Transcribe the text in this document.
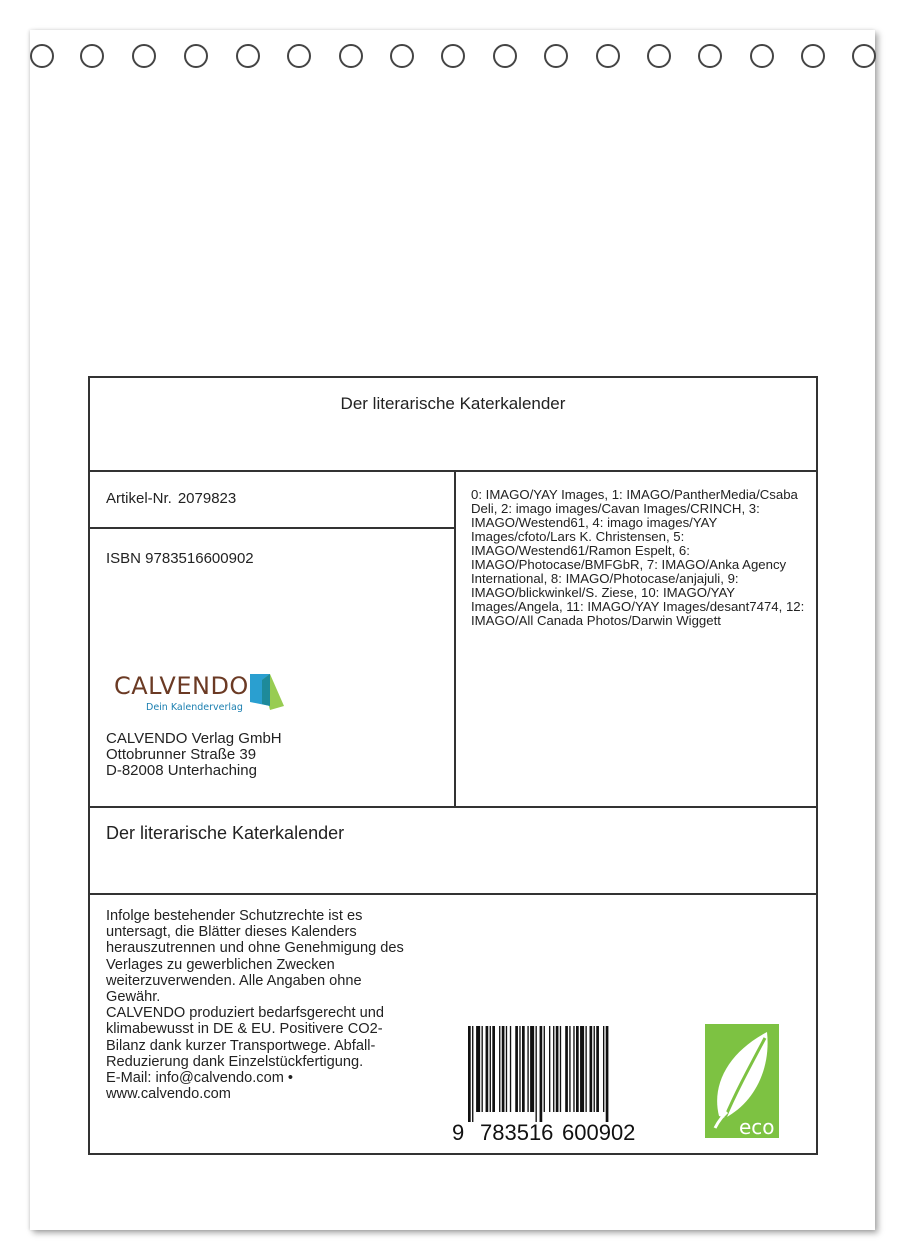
Der literarische Katerkalender
Artikel-Nr. 2079823
ISBN 9783516600902
0: IMAGO/YAY Images, 1: IMAGO/PantherMedia/Csaba Deli, 2: imago images/Cavan Images/CRINCH, 3: IMAGO/Westend61, 4: imago images/YAY Images/cfoto/Lars K. Christensen, 5: IMAGO/Westend61/Ramon Espelt, 6: IMAGO/Photocase/BMFGbR, 7: IMAGO/Anka Agency International, 8: IMAGO/Photocase/anjajuli, 9: IMAGO/blickwinkel/S. Ziese, 10: IMAGO/YAY Images/Angela, 11: IMAGO/YAY Images/desant7474, 12: IMAGO/All Canada Photos/Darwin Wiggett
CALVENDO
Dein Kalenderverlag
CALVENDO Verlag GmbH
Ottobrunner Straße 39
D-82008 Unterhaching
Der literarische Katerkalender
Infolge bestehender Schutzrechte ist es
untersagt, die Blätter dieses Kalenders
herauszutrennen und ohne Genehmigung des
Verlages zu gewerblichen Zwecken
weiterzuverwenden. Alle Angaben ohne
Gewähr.
CALVENDO produziert bedarfsgerecht und
klimabewusst in DE & EU. Positivere CO2-
Bilanz dank kurzer Transportwege. Abfall-
Reduzierung dank Einzelstückfertigung.
E-Mail: info@calvendo.com •
www.calvendo.com
9 783516 600902	eco
